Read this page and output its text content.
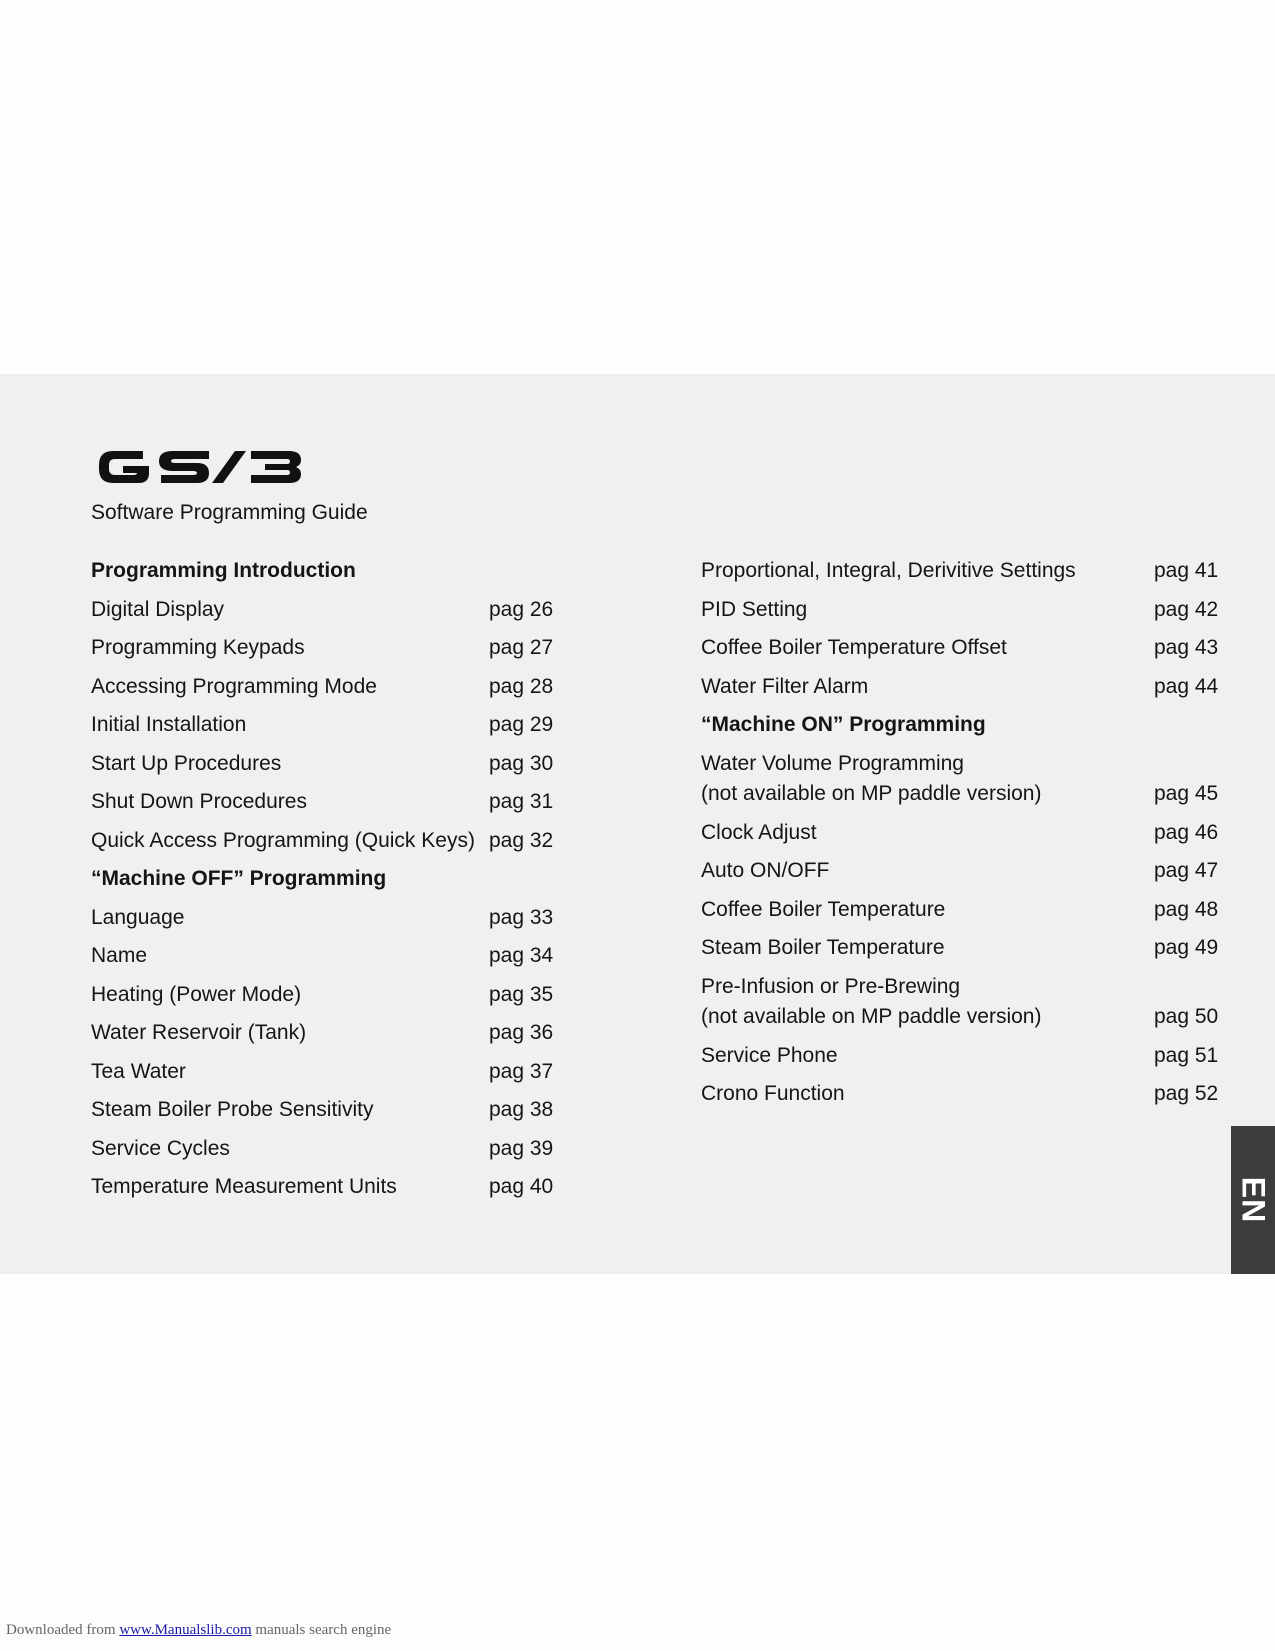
Software Programming Guide
Programming Introduction
Digital Display	pag 26
Programming Keypads	pag 27
Accessing Programming Mode	pag 28
Initial Installation	pag 29
Start Up Procedures	pag 30
Shut Down Procedures	pag 31
Quick Access Programming (Quick Keys) pag 32
“Machine OFF” Programming
Language	pag 33
Name	pag 34
Heating (Power Mode)	pag 35
Water Reservoir (Tank)	pag 36
Tea Water	pag 37
Steam Boiler Probe Sensitivity	pag 38
Service Cycles	pag 39
Temperature Measurement Units	pag 40
Proportional, Integral, Derivitive Settings	pag 41
PID Setting	pag 42
Coffee Boiler Temperature Offset	pag 43
Water Filter Alarm	pag 44
“Machine ON” Programming
Water Volume Programming
(not available on MP paddle version)	pag 45
Clock Adjust	pag 46
Auto ON/OFF	pag 47
Coffee Boiler Temperature	pag 48
Steam Boiler Temperature	pag 49
Pre-Infusion or Pre-Brewing
(not available on MP paddle version)	pag 50
Service Phone	pag 51
Crono Function	pag 52
EN
Downloaded from www.Manualslib.com manuals search engine
